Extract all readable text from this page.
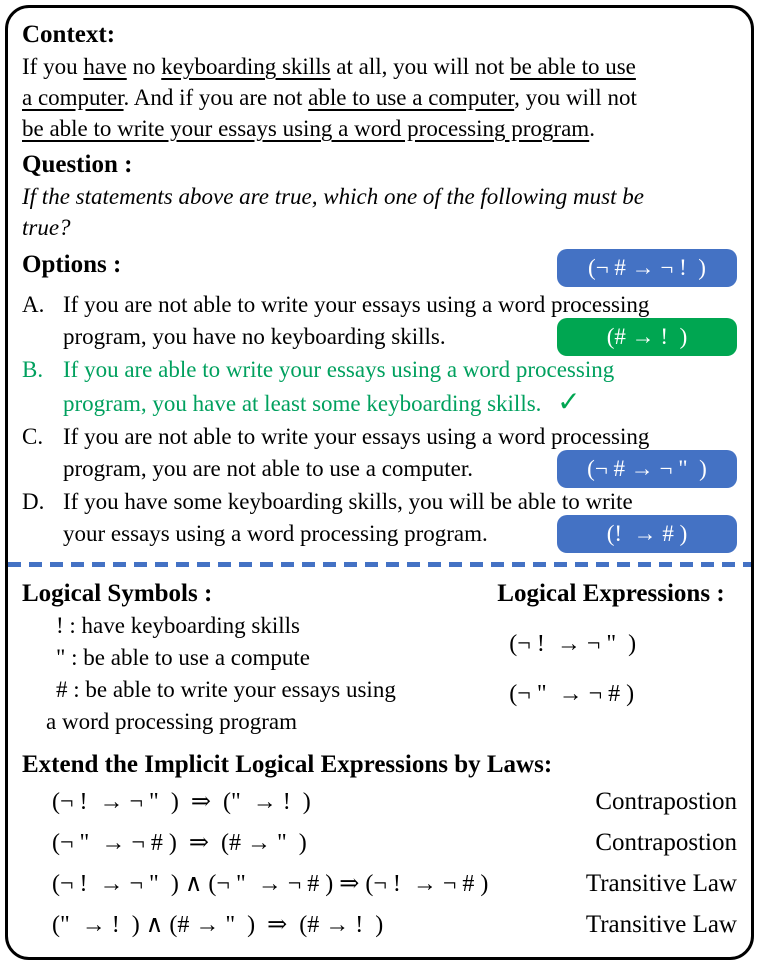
Context:
If you have no keyboarding skills at all, you will not be able to use
a computer. And if you are not able to use a computer, you will not
be able to write your essays using a word processing program.
Question :
If the statements above are true, which one of the following must be
true?
Options :	(¬ # → ¬ !  )
A. If you are not able to write your essays using a word processing
program, you have no keyboarding skills.	(# → !  )
B. If you are able to write your essays using a word processing
program, you have at least some keyboarding skills. ✓
C. If you are not able to write your essays using a word processing
program, you are not able to use a computer.	(¬ # → ¬ "  )
D. If you have some keyboarding skills, you will be able to write
your essays using a word processing program.	(!  → # )
Logical Symbols :
! : have keyboarding skills
" : be able to use a compute
# : be able to write your essays using
a word processing program
Logical Expressions :
(¬ !  → ¬ "  )
(¬ "  → ¬ # )
Extend the Implicit Logical Expressions by Laws:
(¬ !  → ¬ "  )  ⇒  ("  → !  )	Contrapostion
(¬ "  → ¬ # )  ⇒  (# → "  )	Contrapostion
(¬ !  → ¬ "  ) ∧ (¬ "  → ¬ # ) ⇒ (¬ !  → ¬ # )	Transitive Law
("  → !  ) ∧ (# → "  )  ⇒  (# → !  )	Transitive Law
